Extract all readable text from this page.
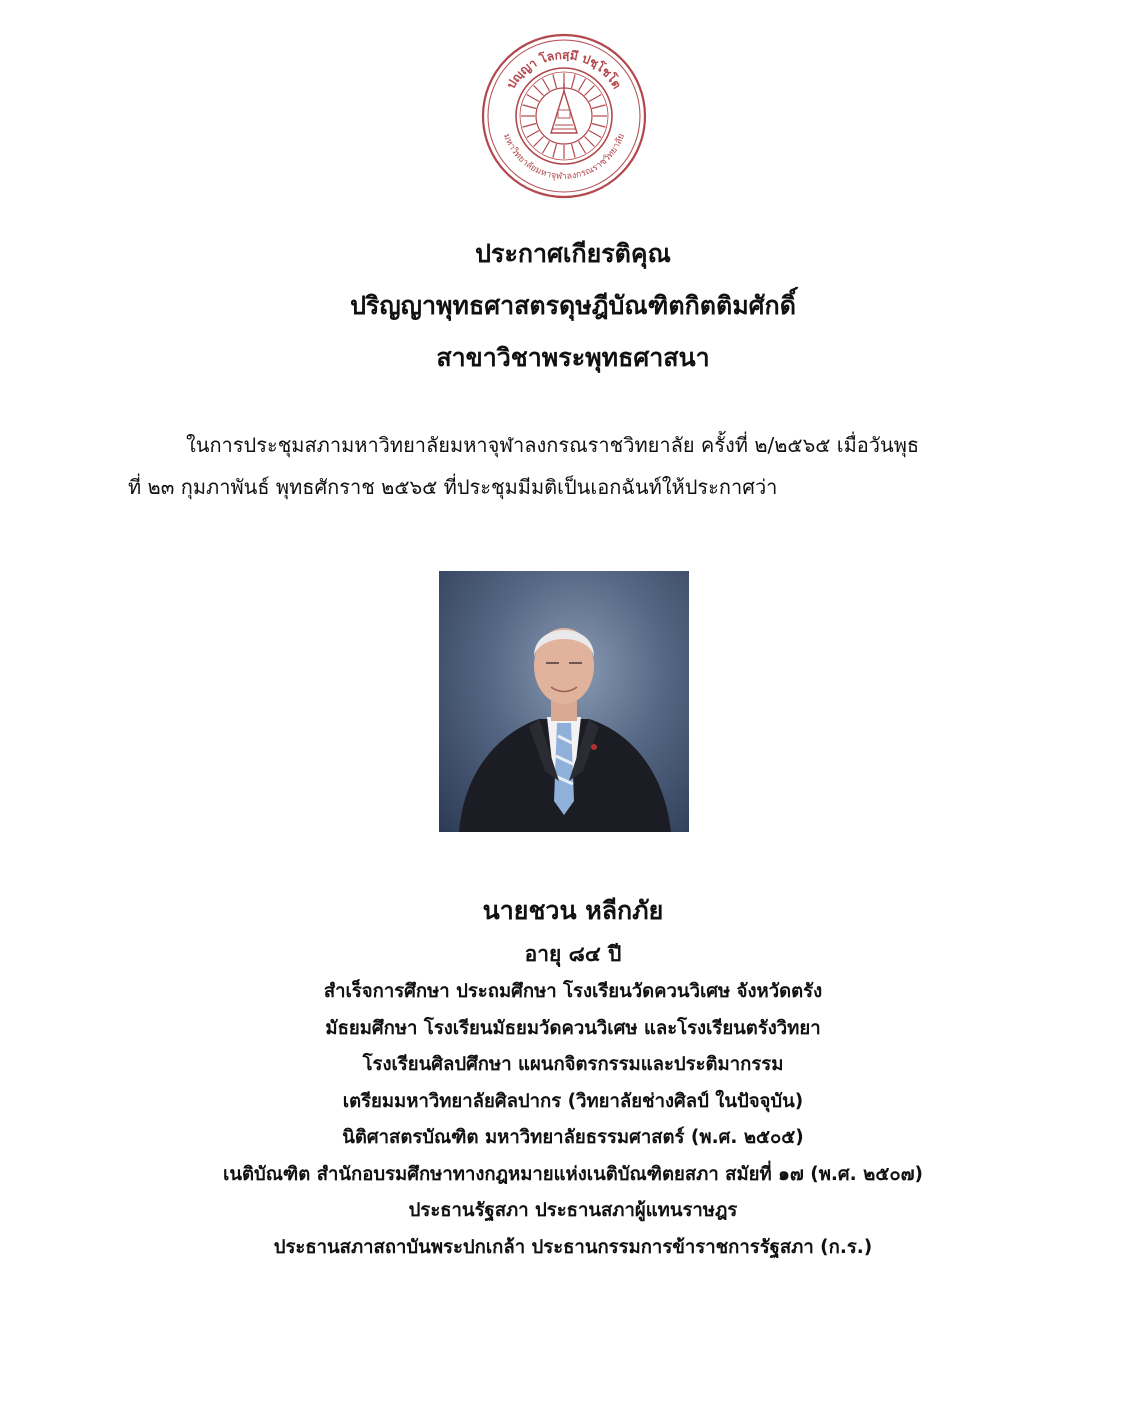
ปญฺญา โลกสฺมึ ปชฺโชโต
มหาวิทยาลัยมหาจุฬาลงกรณราชวิทยาลัย
ประกาศเกียรติคุณ
ปริญญาพุทธศาสตรดุษฎีบัณฑิตกิตติมศักดิ์
สาขาวิชาพระพุทธศาสนา
ในการประชุมสภามหาวิทยาลัยมหาจุฬาลงกรณราชวิทยาลัย ครั้งที่ ๒/๒๕๖๕ เมื่อวันพุธ
ที่ ๒๓ กุมภาพันธ์ พุทธศักราช ๒๕๖๕ ที่ประชุมมีมติเป็นเอกฉันท์ให้ประกาศว่า
นายชวน หลีกภัย
อายุ ๘๔ ปี
สำเร็จการศึกษา ประถมศึกษา โรงเรียนวัดควนวิเศษ จังหวัดตรัง
มัธยมศึกษา โรงเรียนมัธยมวัดควนวิเศษ และโรงเรียนตรังวิทยา
โรงเรียนศิลปศึกษา แผนกจิตรกรรมและประติมากรรม
เตรียมมหาวิทยาลัยศิลปากร (วิทยาลัยช่างศิลป์ ในปัจจุบัน)
นิติศาสตรบัณฑิต มหาวิทยาลัยธรรมศาสตร์ (พ.ศ. ๒๕๐๕)
เนติบัณฑิต สำนักอบรมศึกษาทางกฎหมายแห่งเนติบัณฑิตยสภา สมัยที่ ๑๗ (พ.ศ. ๒๕๐๗)
ประธานรัฐสภา ประธานสภาผู้แทนราษฎร
ประธานสภาสถาบันพระปกเกล้า ประธานกรรมการข้าราชการรัฐสภา (ก.ร.)
